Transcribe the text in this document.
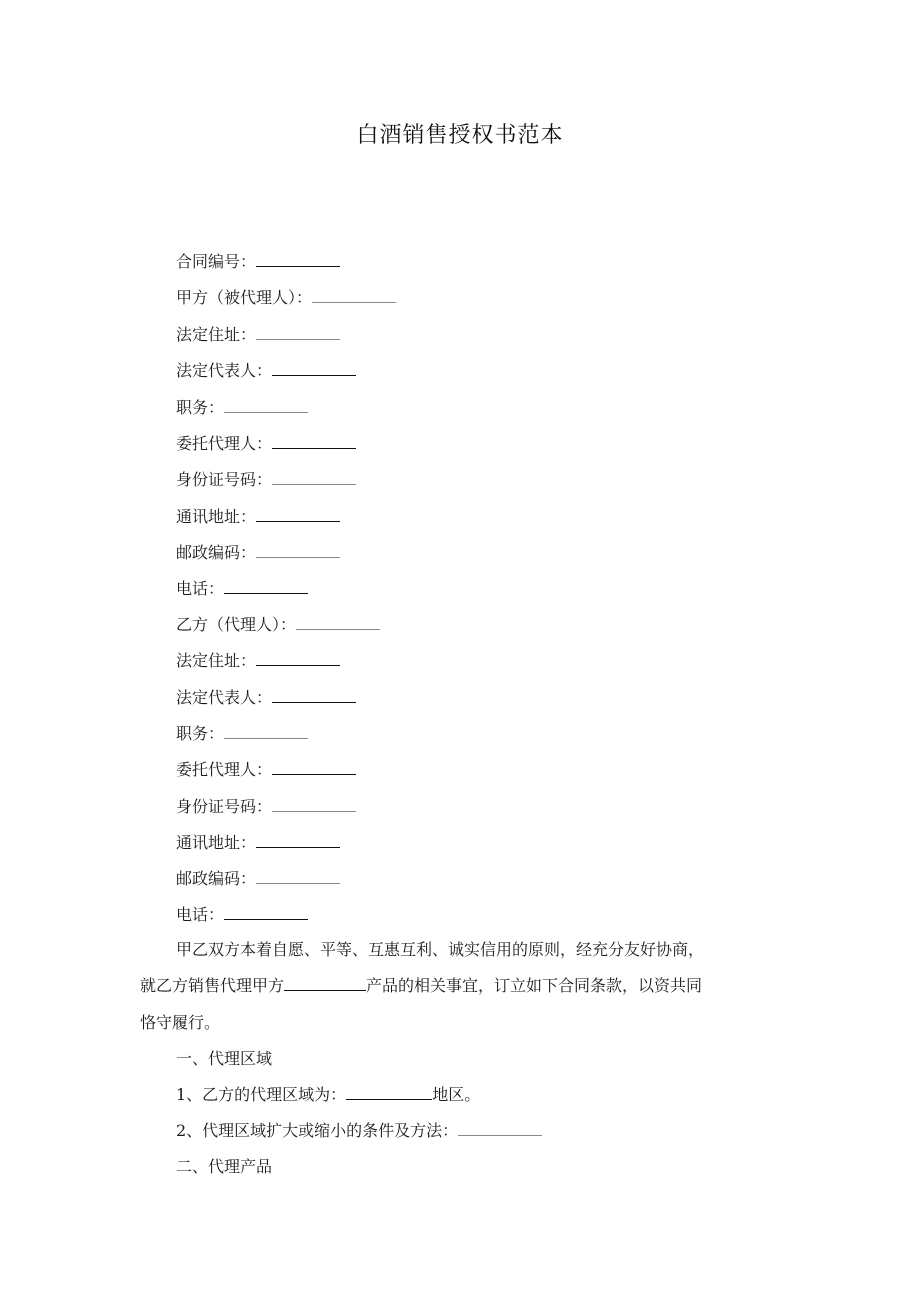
白酒销售授权书范本
合同编号：
甲方（被代理人）：
法定住址：
法定代表人：
职务：
委托代理人：
身份证号码：
通讯地址：
邮政编码：
电话：
乙方（代理人）：
法定住址：
法定代表人：
职务：
委托代理人：
身份证号码：
通讯地址：
邮政编码：
电话：
甲乙双方本着自愿、平等、互惠互利、诚实信用的原则，经充分友好协商，
就乙方销售代理甲方	产品的相关事宜，订立如下合同条款，以资共同
恪守履行。
一、代理区域
1、乙方的代理区域为：	地区。
2、代理区域扩大或缩小的条件及方法：
二、代理产品
